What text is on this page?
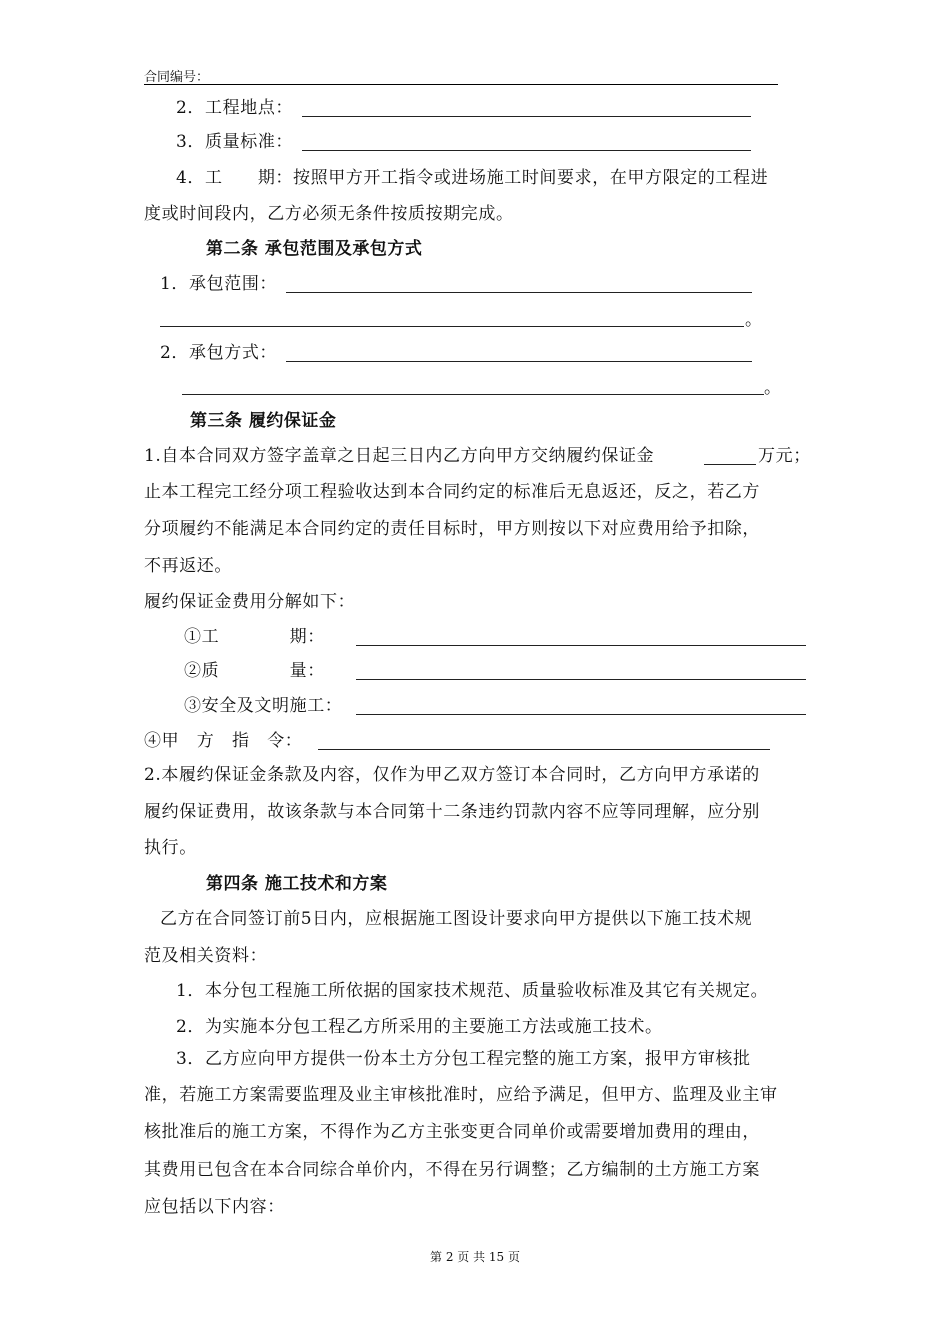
合同编号：
2．工程地点：
3．质量标准：
4．工　　期：按照甲方开工指令或进场施工时间要求，在甲方限定的工程进
度或时间段内，乙方必须无条件按质按期完成。
第二条 承包范围及承包方式
1．承包范围：
。
2．承包方式：
。
第三条 履约保证金
1.自本合同双方签字盖章之日起三日内乙方向甲方交纳履约保证金	万元；
止本工程完工经分项工程验收达到本合同约定的标准后无息返还，反之，若乙方
分项履约不能满足本合同约定的责任目标时，甲方则按以下对应费用给予扣除，
不再返还。
履约保证金费用分解如下：
①工　　　　期：
②质　　　　量：
③安全及文明施工：
④甲　方　指　令：
2.本履约保证金条款及内容，仅作为甲乙双方签订本合同时，乙方向甲方承诺的
履约保证费用，故该条款与本合同第十二条违约罚款内容不应等同理解，应分别
执行。
第四条 施工技术和方案
乙方在合同签订前5日内，应根据施工图设计要求向甲方提供以下施工技术规
范及相关资料：
1．本分包工程施工所依据的国家技术规范、质量验收标准及其它有关规定。
2．为实施本分包工程乙方所采用的主要施工方法或施工技术。
3．乙方应向甲方提供一份本土方分包工程完整的施工方案，报甲方审核批
准，若施工方案需要监理及业主审核批准时，应给予满足，但甲方、监理及业主审
核批准后的施工方案，不得作为乙方主张变更合同单价或需要增加费用的理由，
其费用已包含在本合同综合单价内，不得在另行调整；乙方编制的土方施工方案
应包括以下内容：
第 2 页 共 15 页
